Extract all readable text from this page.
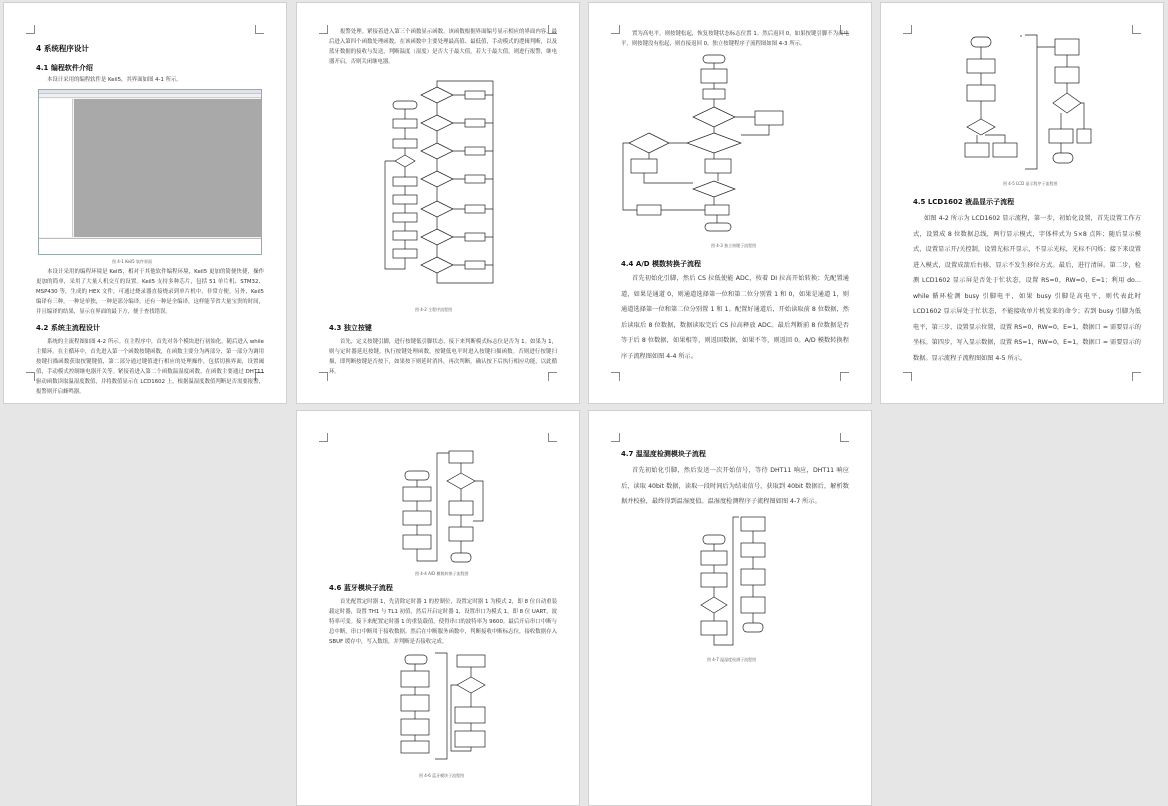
4 系统程序设计
4.1 编程软件介绍
本设计采用的编程软件是 Keil5，其界面如图 4-1 所示。
图 4-1 Keil5 软件界面
本设计采用的编程环境是 Keil5，相对于其他软件编程环境，Keil5 更加的简便快捷，操作更加的简单，采用了大量人机交互的设置。Keil5 支持多种芯片，包括 51 单片机、STM32、MSP430 等，生成的 HEX 文件，可通过烧录器直接烧录到单片机中，非常方便。另外，Keil5 编译有三种，一种是单独，一种是部分编译，还有一种是全编译，这样能节省大量宝贵的时间，并且编译的结果，显示在界面的最下方，便于查找错误。
4.2 系统主流程设计
系统的主流程图如图 4-2 所示。在主程序中，首先对各个模块进行初始化，随后进入 while 主循环。在主循环中，首先进入第一个函数按键函数，在函数主要分为两部分，第一部分为调用按键扫描函数获取按键键值，第二部分通过键值进行相应的处理操作，包括切换界面，设置阈值，手动模式控制继电器开关等。紧接着进入第二个函数温湿度函数，在函数主要通过 DHT11 驱动函数读取温湿度数值，并将数值显示在 LCD1602 上，根据温湿度数值判断是否需要报警，报警则开启蜂鸣器。
报警处理。紧接着进入第三个函数显示函数，该函数根据界面编号显示相应的界面内容，最后进入第四个函数处理函数，在该函数中主要处理最高值、最低值，手动模式的逻辑判断，以及蓝牙数据的接收与发送，判断温度（湿度）是否大于最大值，若大于最大值，则进行报警，继电器开启，否则关闭继电器。
图 4-2 主程序流程图
4.3 独立按键
首先，定义按键引脚，进行按键低引脚状态，接下来判断模式标志位是否为 1。如果为 1，则与定时器延迟按键，执行按键处理函数，按键低电平时进入按键扫描函数。否则进行按键扫描，即判断按键是否按下，如果按下则延时消抖，再次判断，确认按下后执行相应功能，以此循环。
置为高电平，则按键松起，恢复按键状态标志位置 1。然后返回 0，如果按键引脚不为高电平，则按键没有松起，则直接返回 0。独立按键程序子流程图如图 4-3 所示。
图 4-3 独立按键子流程图
4.4 A/D 模数转换子流程
首先初始化引脚，然后 CS 拉低使能 ADC，按着 DI 拉高开始转换；先配置通道，如果是通道 0，则通道选择第一位和第二位分别置 1 和 0，如果是通道 1，则通道选择第一位和第二位分别置 1 和 1。配置好通道后，开始读取前 8 位数据，然后读取后 8 位数据，数据读取完后 CS 拉高释放 ADC。最后判断前 8 位数据是否等于后 8 位数据，如果相等，则返回数据，如果不等，则返回 0。A/D 模数转换程序子流程图如图 4-4 所示。
图 4-5 LCD 显示程序子流程图
4.5 LCD1602 液晶显示子流程
如图 4-2 所示为 LCD1602 显示流程，第一步，初始化设置，首先设置工作方式，设置成 8 位数据总线，两行显示模式，字体样式为 5×8 点阵；随后显示模式，设置显示开/关控制，设置光标开显示，不显示光标，光标不闪烁；接下来设置进入模式，设置成箭后右移，显示不发生移位方式。最后，进行清屏。第二步，检测 LCD1602 显示屏是否处于忙状态，设置 RS=0，RW=0，E=1；利用 do…while 循环检测 busy 引脚电平，如果 busy 引脚是高电平，则代表此时 LCD1602 显示屏处于忙状态，不能接收单片机发来的命令；若到 busy 引脚为低电平，第三步，设置显示位置，设置 RS=0，RW=0，E=1，数据口 = 需要显示的坐标。第四步，写入显示数据，设置 RS=1，RW=0，E=1，数据口 = 需要显示的数据。显示流程子流程图如图 4-5 所示。
图 4-4 A/D 模数转换子流程图
4.6 蓝牙模块子流程
首先配置定时器 1，先清除定时器 1 的控制位，设置定时器 1 为模式 2，即 8 位自动重装载定时器，设置 TH1 与 TL1 初值，然后开启定时器 1，设置串口为模式 1，即 8 位 UART，波特率可变。接下来配置定时器 1 的重装载值，使得串口的波特率为 9600。最后开启串口中断与总中断，串口中断用于接收数据。然后在中断服务函数中，判断接收中断标志位，接收数据存入 SBUF 缓存中，写入数组，并判断是否接收完成。
图 4-6 蓝牙模块子流程图
4.7 温湿度检测模块子流程
首先初始化引脚，然后发送一次开始信号，等待 DHT11 响应，DHT11 响应后，读取 40bit 数据，读取一段时间后为结束信号，获取到 40bit 数据后，解析数据并校验，最终得到温湿度值。温湿度检测程序子流程图如图 4-7 所示。
图 4-7 温湿度检测子流程图
